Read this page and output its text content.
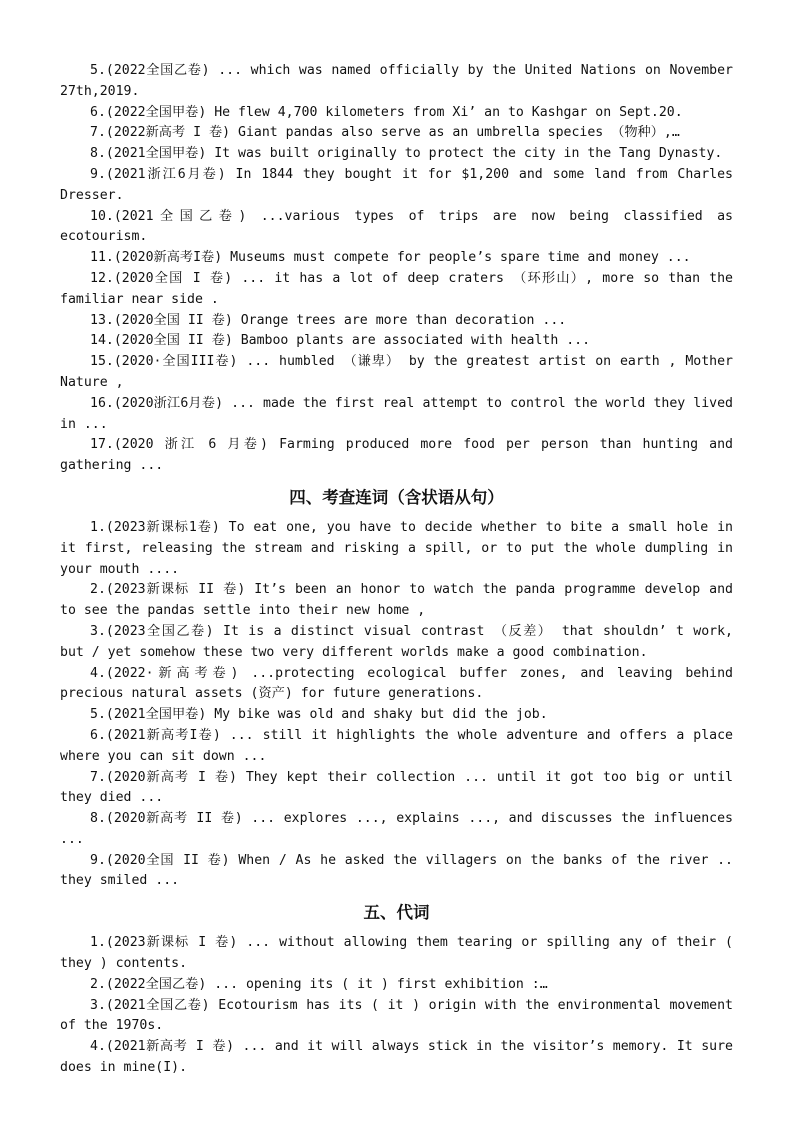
5.(2022全国乙卷) ... which was named officially by the United Nations on November 27th,2019.

6.(2022全国甲卷) He flew 4,700 kilometers from Xi’ an to Kashgar on Sept.20.

7.(2022新高考 I 卷) Giant pandas also serve as an umbrella species （物种）,…

8.(2021全国甲卷) It was built originally to protect the city in the Tang Dynasty.

9.(2021浙江6月卷) In 1844 they bought it for $1,200 and some land from Charles Dresser.

10.(2021全国乙卷) ...various types of trips are now being classified as ecotourism.

11.(2020新高考I卷) Museums must compete for people’s spare time and money ...

12.(2020全国 I 卷) ... it has a lot of deep craters （环形山）, more so than the familiar near side .

13.(2020全国 II 卷) Orange trees are more than decoration ...

14.(2020全国 II 卷) Bamboo plants are associated with health ...

15.(2020·全国III卷) ... humbled （谦卑） by the greatest artist on earth , Mother Nature ,

16.(2020浙江6月卷) ... made the first real attempt to control the world they lived in ...

17.(2020 浙江 6 月卷) Farming produced more food per person than hunting and gathering ...

四、考查连词（含状语从句）

1.(2023新课标1卷) To eat one, you have to decide whether to bite a small hole in it first, releasing the stream and risking a spill, or to put the whole dumpling in your mouth ....

2.(2023新课标 II 卷) It’s been an honor to watch the panda programme develop and to see the pandas settle into their new home ,

3.(2023全国乙卷) It is a distinct visual contrast （反差） that shouldn’ t work, but / yet somehow these two very different worlds make a good combination.

4.(2022·新高考卷) ...protecting ecological buffer zones, and leaving behind precious natural assets (资产) for future generations.

5.(2021全国甲卷) My bike was old and shaky but did the job.

6.(2021新高考I卷) ... still it highlights the whole adventure and offers a place where you can sit down ...

7.(2020新高考 I 卷) They kept their collection ... until it got too big or until they died ...

8.(2020新高考 II 卷) ... explores ..., explains ..., and discusses the influences ...

9.(2020全国 II 卷) When / As he asked the villagers on the banks of the river .. they smiled ...

五、代词

1.(2023新课标 I 卷) ... without allowing them tearing or spilling any of their ( they ) contents.

2.(2022全国乙卷) ... opening its ( it ) first exhibition :…

3.(2021全国乙卷) Ecotourism has its ( it ) origin with the environmental movement of the 1970s.

4.(2021新高考 I 卷) ... and it will always stick in the visitor’s memory. It sure does in mine(I).
